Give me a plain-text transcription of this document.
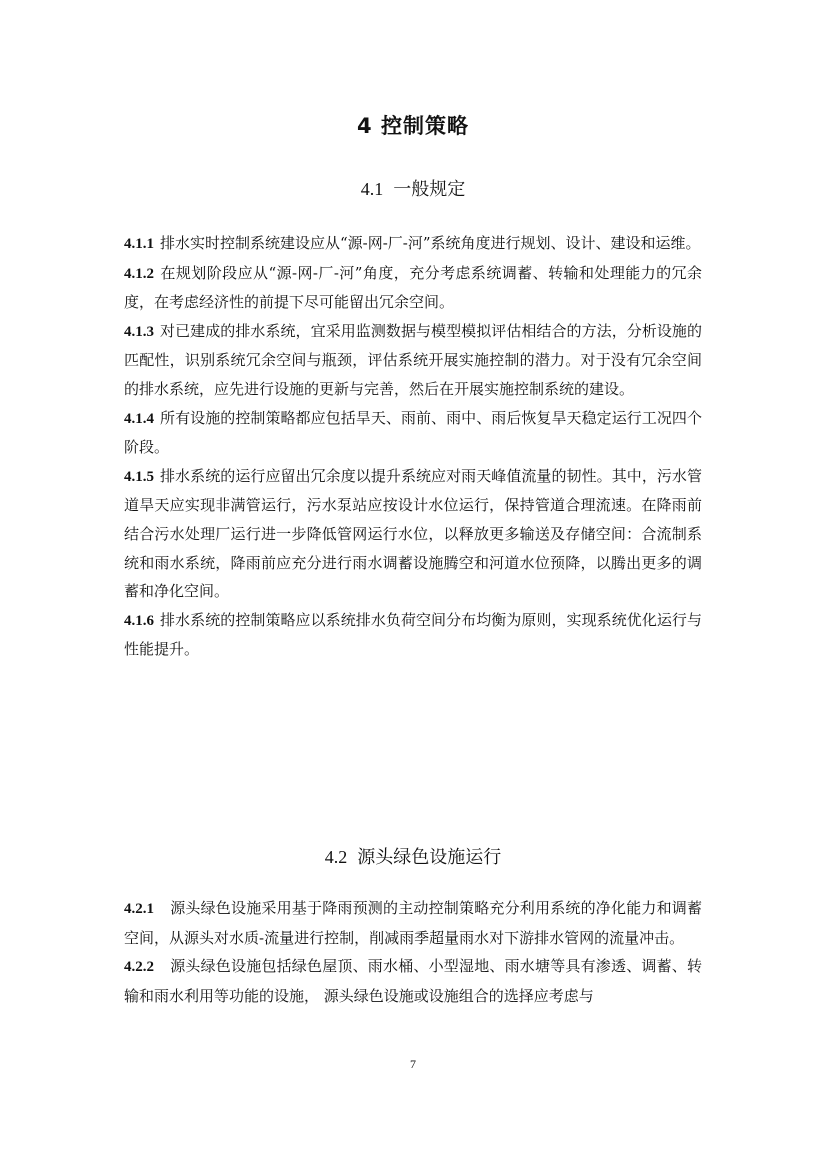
4 控制策略
4.1 一般规定

4.1.1 排水实时控制系统建设应从“源-网-厂-河”系统角度进行规划、设计、建设和运维。

4.1.2 在规划阶段应从“源-网-厂-河”角度，充分考虑系统调蓄、转输和处理能力的冗余度，在考虑经济性的前提下尽可能留出冗余空间。

4.1.3 对已建成的排水系统，宜采用监测数据与模型模拟评估相结合的方法，分析设施的匹配性，识别系统冗余空间与瓶颈，评估系统开展实施控制的潜力。对于没有冗余空间的排水系统，应先进行设施的更新与完善，然后在开展实施控制系统的建设。

4.1.4 所有设施的控制策略都应包括旱天、雨前、雨中、雨后恢复旱天稳定运行工况四个阶段。

4.1.5 排水系统的运行应留出冗余度以提升系统应对雨天峰值流量的韧性。其中，污水管道旱天应实现非满管运行，污水泵站应按设计水位运行，保持管道合理流速。在降雨前结合污水处理厂运行进一步降低管网运行水位，以释放更多输送及存储空间：合流制系统和雨水系统，降雨前应充分进行雨水调蓄设施腾空和河道水位预降，以腾出更多的调蓄和净化空间。

4.1.6 排水系统的控制策略应以系统排水负荷空间分布均衡为原则，实现系统优化运行与性能提升。

4.2 源头绿色设施运行

4.2.1 源头绿色设施采用基于降雨预测的主动控制策略充分利用系统的净化能力和调蓄空间，从源头对水质-流量进行控制，削减雨季超量雨水对下游排水管网的流量冲击。

4.2.2 源头绿色设施包括绿色屋顶、雨水桶、小型湿地、雨水塘等具有渗透、调蓄、转输和雨水利用等功能的设施， 源头绿色设施或设施组合的选择应考虑与

7
